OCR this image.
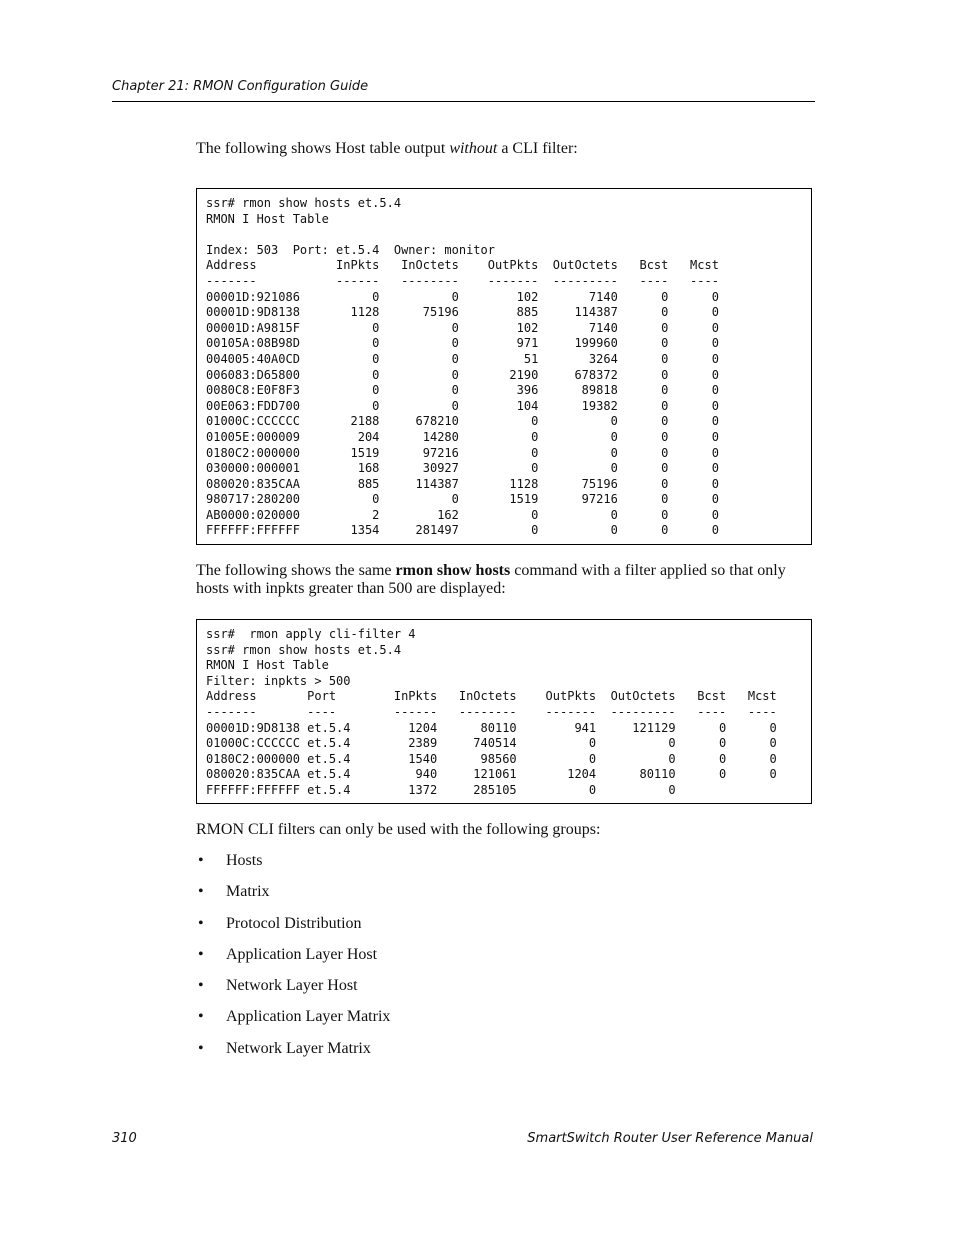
Chapter 21: RMON Configuration Guide

The following shows Host table output without a CLI filter:

ssr# rmon show hosts et.5.4
RMON I Host Table

Index: 503  Port: et.5.4  Owner: monitor
Address           InPkts   InOctets    OutPkts  OutOctets   Bcst   Mcst
-------           ------   --------    -------  ---------   ----   ----
00001D:921086          0          0        102       7140      0      0
00001D:9D8138       1128      75196        885     114387      0      0
00001D:A9815F          0          0        102       7140      0      0
00105A:08B98D          0          0        971     199960      0      0
004005:40A0CD          0          0         51       3264      0      0
006083:D65800          0          0       2190     678372      0      0
0080C8:E0F8F3          0          0        396      89818      0      0
00E063:FDD700          0          0        104      19382      0      0
01000C:CCCCCC       2188     678210          0          0      0      0
01005E:000009        204      14280          0          0      0      0
0180C2:000000       1519      97216          0          0      0      0
030000:000001        168      30927          0          0      0      0
080020:835CAA        885     114387       1128      75196      0      0
980717:280200          0          0       1519      97216      0      0
AB0000:020000          2        162          0          0      0      0
FFFFFF:FFFFFF       1354     281497          0          0      0      0

The following shows the same rmon show hosts command with a filter applied so that only hosts with inpkts greater than 500 are displayed:

ssr#  rmon apply cli-filter 4
ssr# rmon show hosts et.5.4
RMON I Host Table
Filter: inpkts > 500
Address       Port        InPkts   InOctets    OutPkts  OutOctets   Bcst   Mcst
-------       ----        ------   --------    -------  ---------   ----   ----
00001D:9D8138 et.5.4        1204      80110        941     121129      0      0
01000C:CCCCCC et.5.4        2389     740514          0          0      0      0
0180C2:000000 et.5.4        1540      98560          0          0      0      0
080020:835CAA et.5.4         940     121061       1204      80110      0      0
FFFFFF:FFFFFF et.5.4        1372     285105          0          0

RMON CLI filters can only be used with the following groups:

•	Hosts
•	Matrix
•	Protocol Distribution
•	Application Layer Host
•	Network Layer Host
•	Application Layer Matrix
•	Network Layer Matrix
310	SmartSwitch Router User Reference Manual
